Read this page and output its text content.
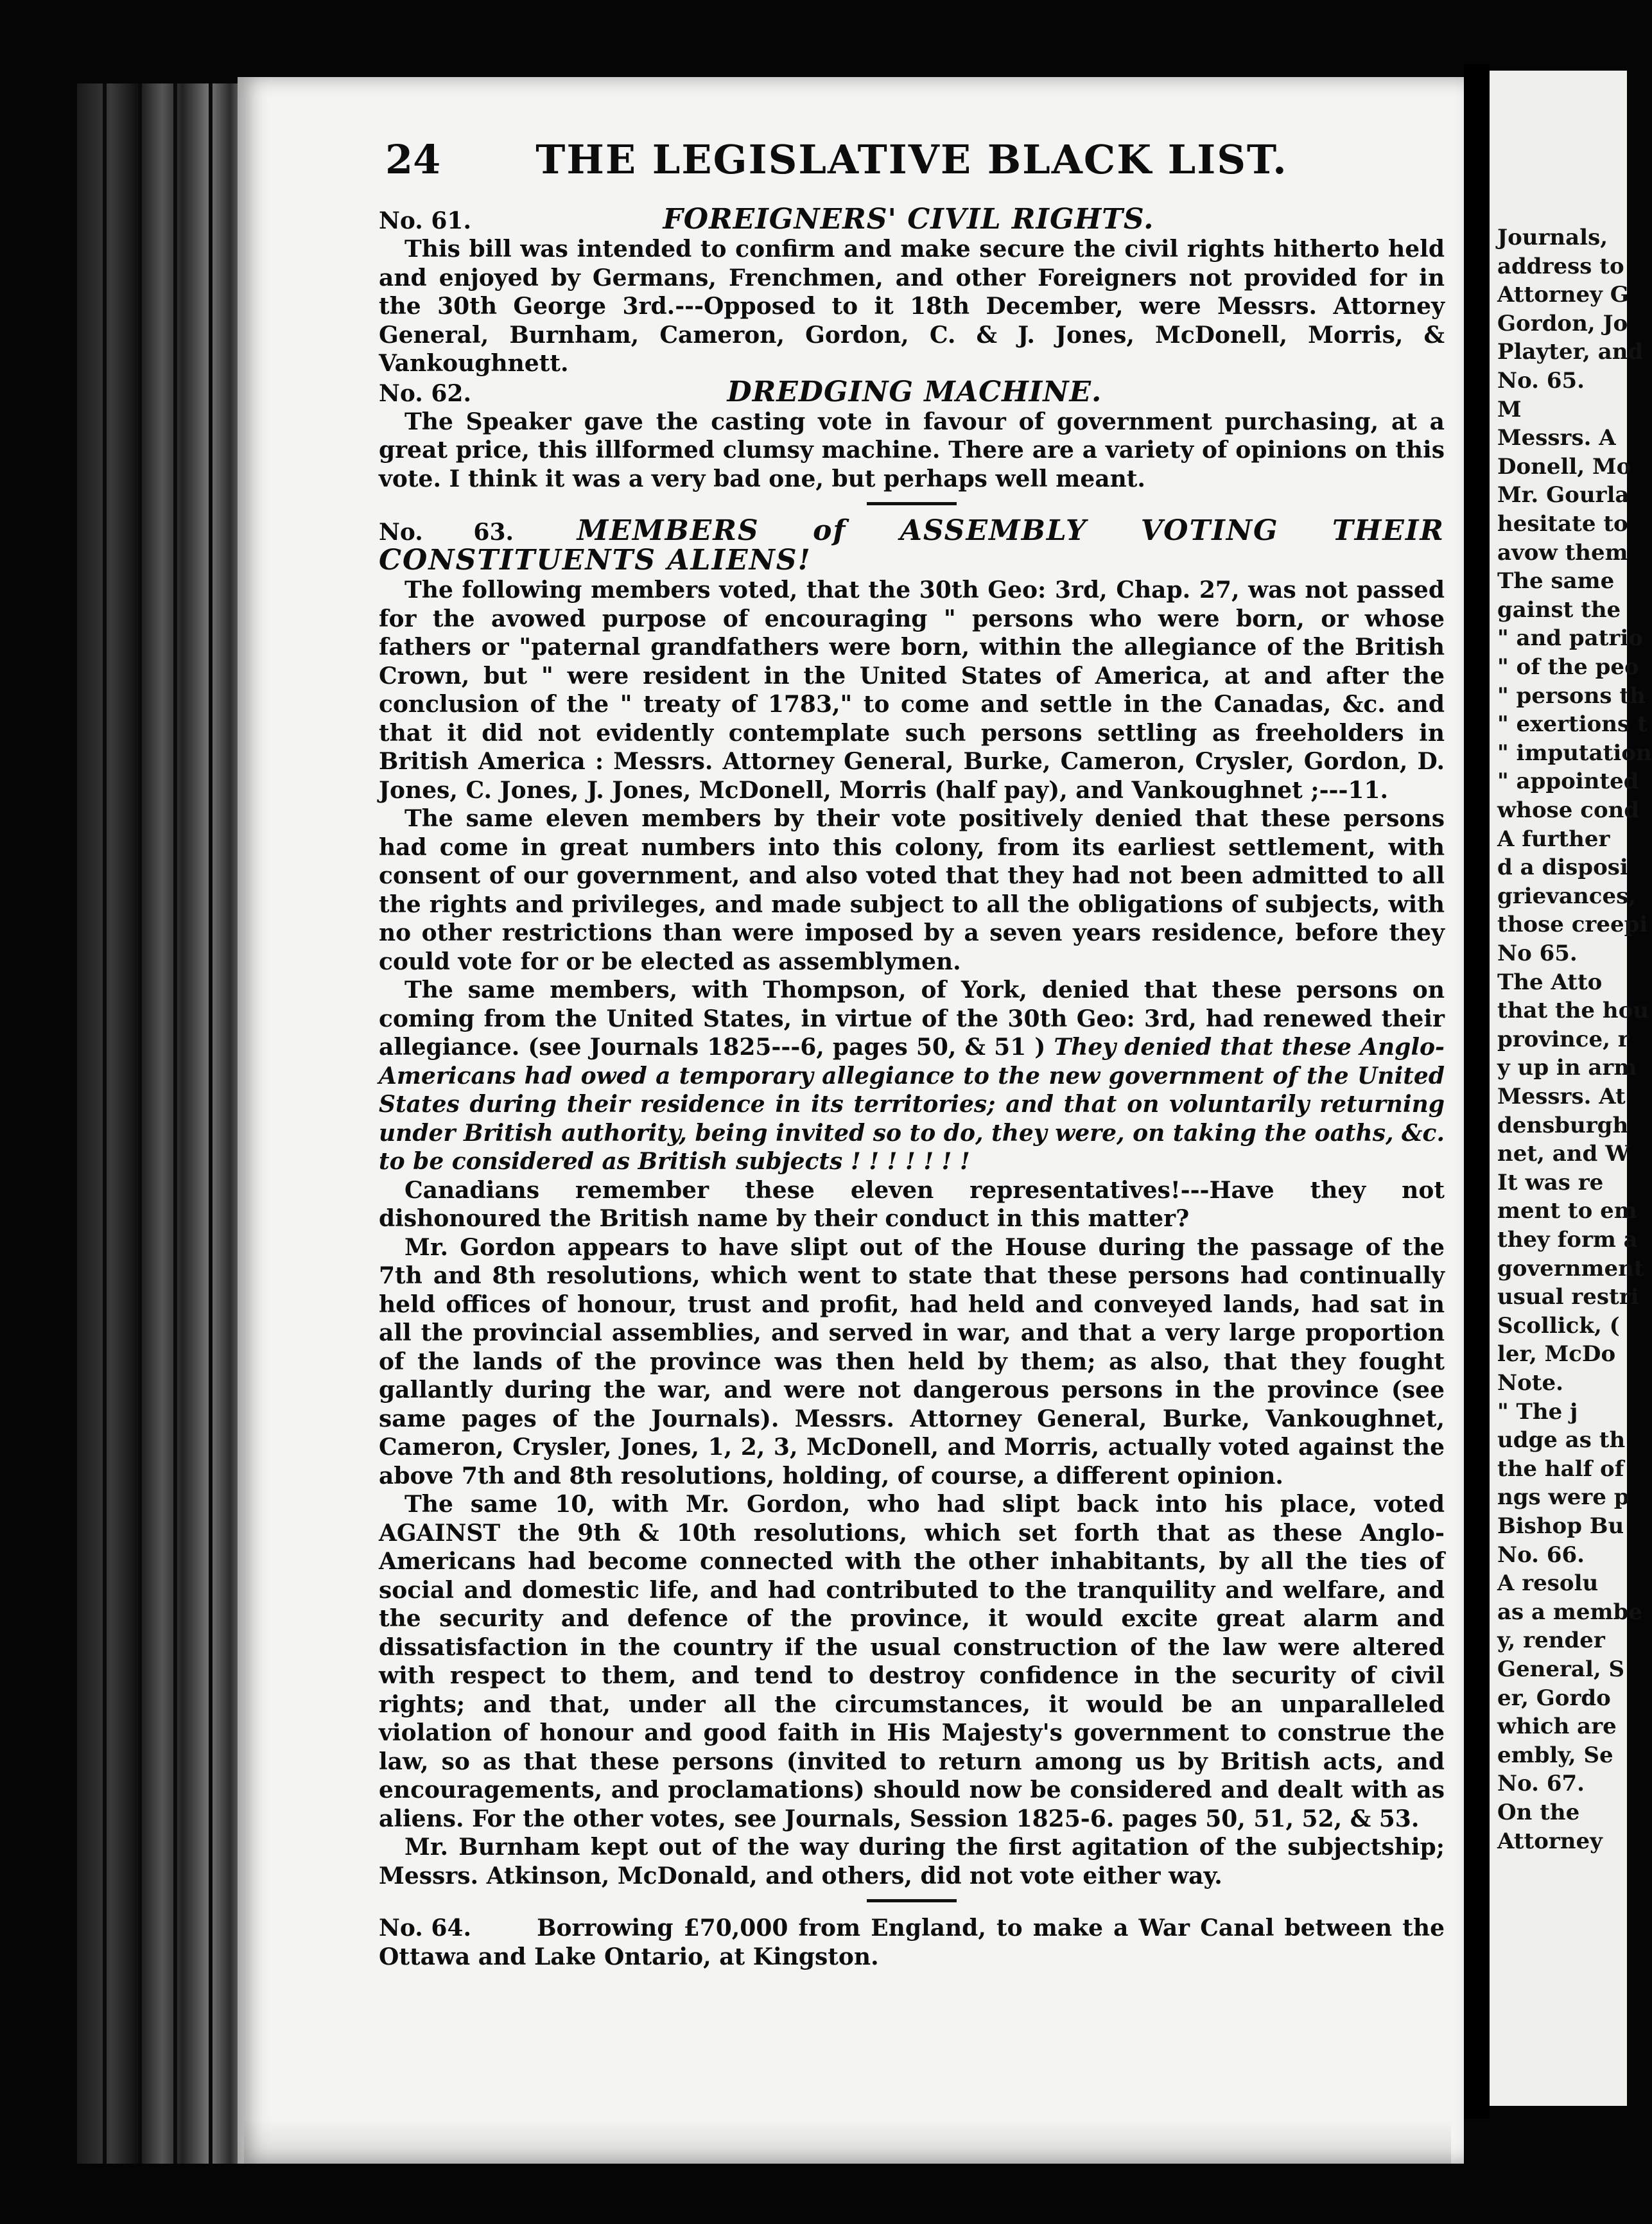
Journals,
address to
Attorney G
Gordon, Jo
Playter, and
No. 65.
M
Messrs. A
Donell, Mo
Mr. Gourla
hesitate to
avow them
The same
gainst the
" and patrio
" of the peo
" persons th
" exertions t
" imputation
" appointed
whose cond
A further
d a disposi
grievances,
those creepi
No 65.
The Atto
that the hou
province, r
y up in arm
Messrs. At
densburgh
net, and W
It was re
ment to em
they form a
government
usual restri
Scollick, (
ler, McDo
Note.
" The j
udge as th
the half of
ngs were p
Bishop Bu
No. 66.
A resolu
as a membe
y, render
General, S
er, Gordo
which are
embly, Se
No. 67.
On the
Attorney
24	THE LEGISLATIVE BLACK LIST.
No. 61.	FOREIGNERS' CIVIL RIGHTS.

This bill was intended to confirm and make secure the civil rights hitherto held and enjoyed by Germans, Frenchmen, and other Foreigners not provided for in the 30th George 3rd.---Opposed to it 18th December, were Messrs. Attorney General, Burnham, Cameron, Gordon, C. & J. Jones, McDonell, Morris, & Vankoughnett.

No. 62.	DREDGING MACHINE.

The Speaker gave the casting vote in favour of government purchasing, at a great price, this illformed clumsy machine. There are a variety of opinions on this vote. I think it was a very bad one, but perhaps well meant.

No. 63. MEMBERS of ASSEMBLY VOTING THEIR CONSTITUENTS ALIENS!

The following members voted, that the 30th Geo: 3rd, Chap. 27, was not passed for the avowed purpose of encouraging " persons who were born, or whose fathers or "paternal grandfathers were born, within the allegiance of the British Crown, but " were resident in the United States of America, at and after the conclusion of the " treaty of 1783," to come and settle in the Canadas, &c. and that it did not evidently contemplate such persons settling as freeholders in British America : Messrs. Attorney General, Burke, Cameron, Crysler, Gordon, D. Jones, C. Jones, J. Jones, McDonell, Morris (half pay), and Vankoughnet ;---11.

The same eleven members by their vote positively denied that these persons had come in great numbers into this colony, from its earliest settlement, with consent of our government, and also voted that they had not been admitted to all the rights and privileges, and made subject to all the obligations of subjects, with no other restrictions than were imposed by a seven years residence, before they could vote for or be elected as assemblymen.

The same members, with Thompson, of York, denied that these persons on coming from the United States, in virtue of the 30th Geo: 3rd, had renewed their allegiance. (see Journals 1825---6, pages 50, & 51 ) They denied that these Anglo-Americans had owed a temporary allegiance to the new government of the United States during their residence in its territories; and that on voluntarily returning under British authority, being invited so to do, they were, on taking the oaths, &c. to be considered as British subjects ! ! ! ! ! ! !

Canadians remember these eleven representatives!---Have they not dishonoured the British name by their conduct in this matter?

Mr. Gordon appears to have slipt out of the House during the passage of the 7th and 8th resolutions, which went to state that these persons had continually held offices of honour, trust and profit, had held and conveyed lands, had sat in all the provincial assemblies, and served in war, and that a very large proportion of the lands of the province was then held by them; as also, that they fought gallantly during the war, and were not dangerous persons in the province (see same pages of the Journals). Messrs. Attorney General, Burke, Vankoughnet, Cameron, Crysler, Jones, 1, 2, 3, McDonell, and Morris, actually voted against the above 7th and 8th resolutions, holding, of course, a different opinion.

The same 10, with Mr. Gordon, who had slipt back into his place, voted AGAINST the 9th & 10th resolutions, which set forth that as these Anglo-Americans had become connected with the other inhabitants, by all the ties of social and domestic life, and had contributed to the tranquility and welfare, and the security and defence of the province, it would excite great alarm and dissatisfaction in the country if the usual construction of the law were altered with respect to them, and tend to destroy confidence in the security of civil rights; and that, under all the circumstances, it would be an unparalleled violation of honour and good faith in His Majesty's government to construe the law, so as that these persons (invited to return among us by British acts, and encouragements, and proclamations) should now be considered and dealt with as aliens. For the other votes, see Journals, Session 1825-6. pages 50, 51, 52, & 53.

Mr. Burnham kept out of the way during the first agitation of the subjectship; Messrs. Atkinson, McDonald, and others, did not vote either way.

No. 64.	Borrowing £70,000 from England, to make a War Canal between the Ottawa and Lake Ontario, at Kingston.
